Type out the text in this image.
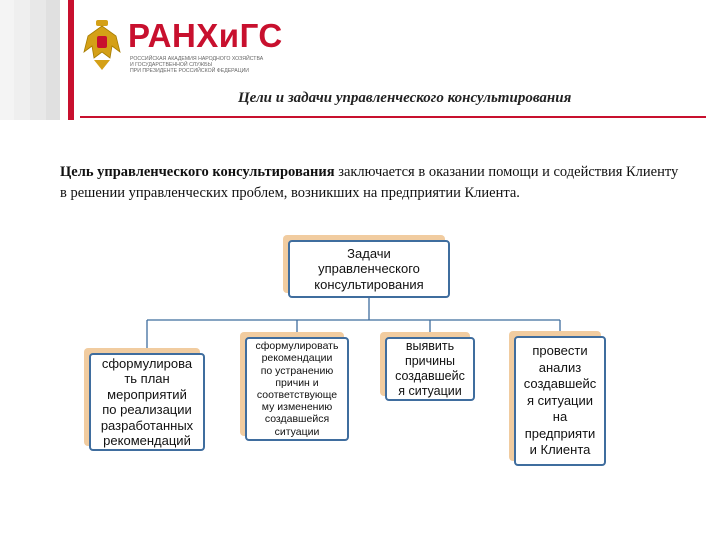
РАНХиГС
РОССИЙСКАЯ АКАДЕМИЯ НАРОДНОГО ХОЗЯЙСТВА
И ГОСУДАРСТВЕННОЙ СЛУЖБЫ
ПРИ ПРЕЗИДЕНТЕ РОССИЙСКОЙ ФЕДЕРАЦИИ
Цели и задачи управленческого консультирования
Цель управленческого консультирования заключается в оказании помощи и содействия Клиенту в решении управленческих проблем, возникших на предприятии Клиента.
Задачи
управленческого
консультирования
сформулирова
ть план
мероприятий
по реализации
разработанных
рекомендаций
сформулировать
рекомендации
по устранению
причин и
соответствующе
му изменению
создавшейся
ситуации
выявить
причины
создавшейс
я ситуации
провести
анализ
создавшейс
я ситуации
на
предприяти
и Клиента
